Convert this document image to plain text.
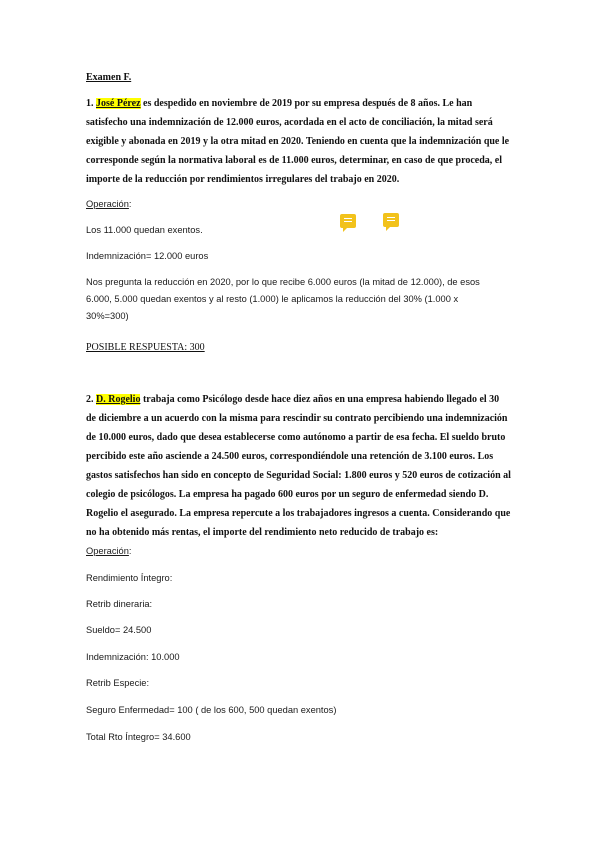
Examen F.
1. José Pérez es despedido en noviembre de 2019 por su empresa después de 8 años. Le han
satisfecho una indemnización de 12.000 euros, acordada en el acto de conciliación, la mitad será
exigible y abonada en 2019 y la otra mitad en 2020. Teniendo en cuenta que la indemnización que le
corresponde según la normativa laboral es de 11.000 euros, determinar, en caso de que proceda, el
importe de la reducción por rendimientos irregulares del trabajo en 2020.
Operación:
Los 11.000 quedan exentos.
Indemnización= 12.000 euros
Nos pregunta la reducción en 2020, por lo que recibe 6.000 euros (la mitad de 12.000), de esos
6.000, 5.000 quedan exentos y al resto (1.000) le aplicamos la reducción del 30% (1.000 x
30%=300)
POSIBLE RESPUESTA: 300
2. D. Rogelio trabaja como Psicólogo desde hace diez años en una empresa habiendo llegado el 30
de diciembre a un acuerdo con la misma para rescindir su contrato percibiendo una indemnización
de 10.000 euros, dado que desea establecerse como autónomo a partir de esa fecha. El sueldo bruto
percibido este año asciende a 24.500 euros, correspondiéndole una retención de 3.100 euros. Los
gastos satisfechos han sido en concepto de Seguridad Social: 1.800 euros y 520 euros de cotización al
colegio de psicólogos. La empresa ha pagado 600 euros por un seguro de enfermedad siendo D.
Rogelio el asegurado. La empresa repercute a los trabajadores ingresos a cuenta. Considerando que
no ha obtenido más rentas, el importe del rendimiento neto reducido de trabajo es:
Operación:
Rendimiento Íntegro:
Retrib dineraria:
Sueldo= 24.500
Indemnización: 10.000
Retrib Especie:
Seguro Enfermedad= 100 ( de los 600, 500 quedan exentos)
Total Rto Íntegro= 34.600
